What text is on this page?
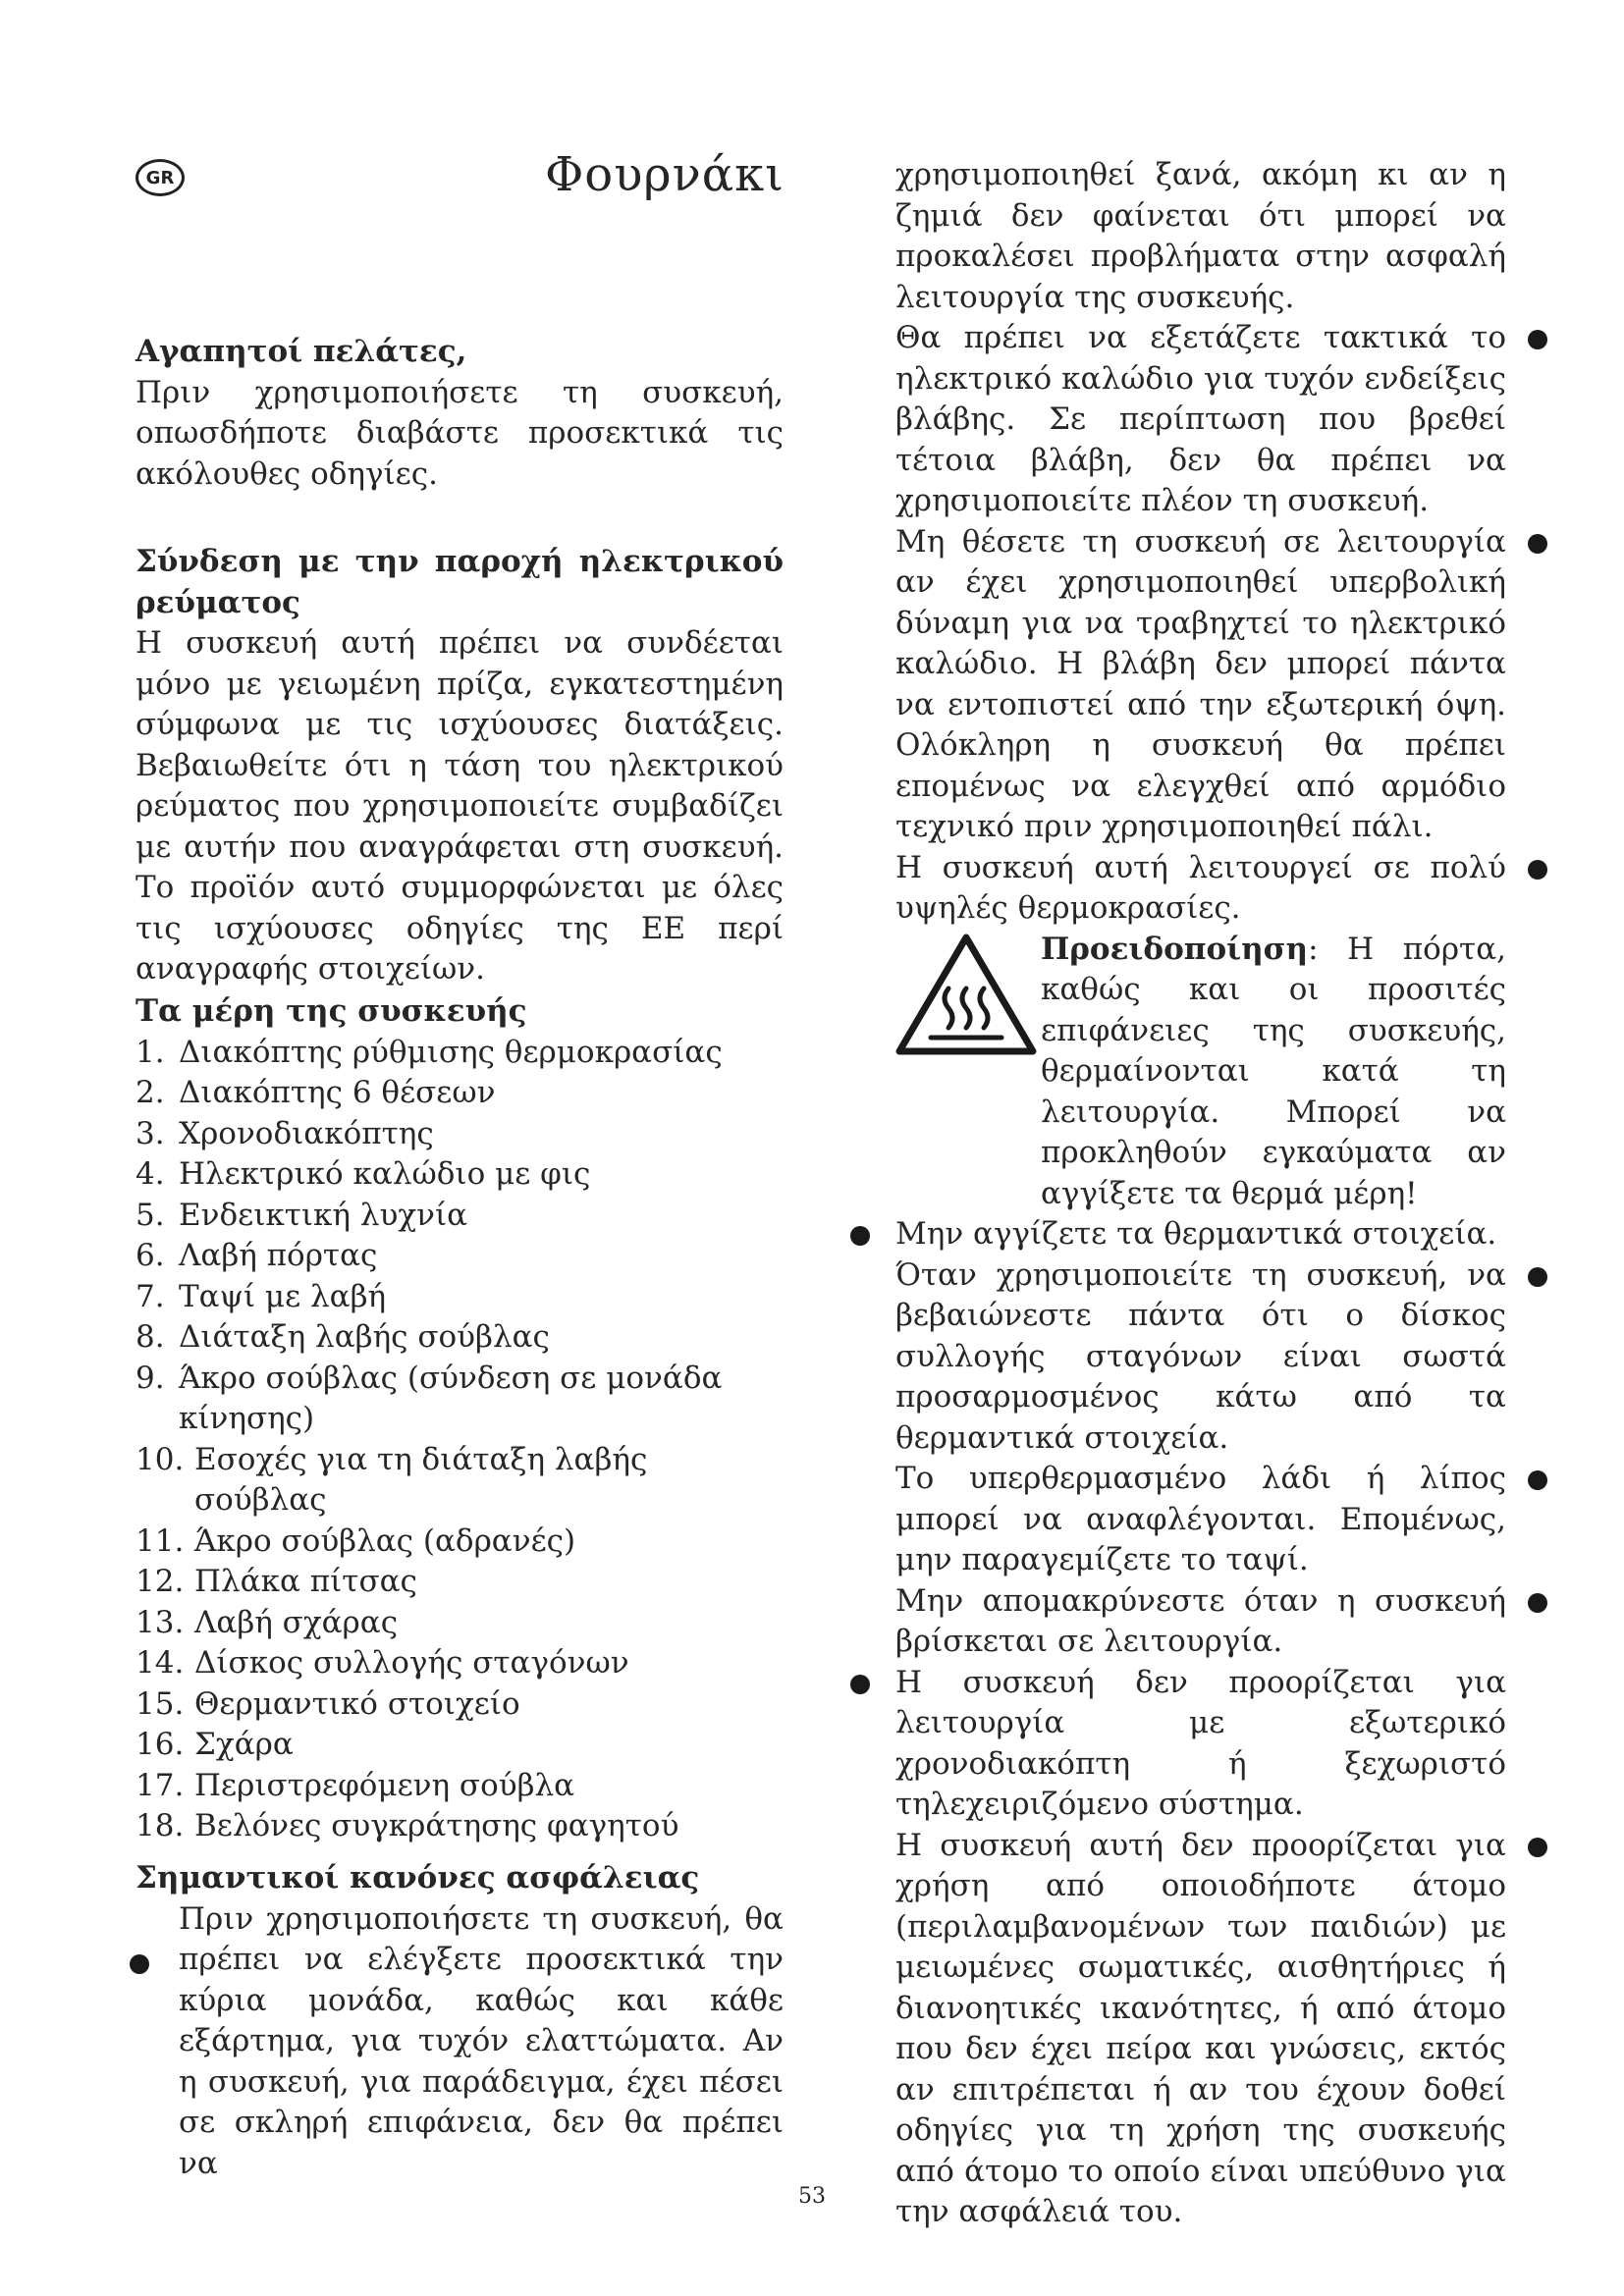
GR	Φουρνάκι

Αγαπητοί πελάτες,

Πριν χρησιμοποιήσετε τη συσκευή, οπωσδήποτε διαβάστε προσεκτικά τις ακόλουθες οδηγίες.

Σύνδεση με την παροχή ηλεκτρικού ρεύματος

Η συσκευή αυτή πρέπει να συνδέεται μόνο με γειωμένη πρίζα, εγκατεστημένη σύμφωνα με τις ισχύουσες διατάξεις. Βεβαιωθείτε ότι η τάση του ηλεκτρικού ρεύματος που χρησιμοποιείτε συμβαδίζει με αυτήν που αναγράφεται στη συσκευή. Το προϊόν αυτό συμμορφώνεται με όλες τις ισχύουσες οδηγίες της ΕΕ περί αναγραφής στοιχείων.

Τα μέρη της συσκευής

1. Διακόπτης ρύθμισης θερμοκρασίας
2. Διακόπτης 6 θέσεων
3. Χρονοδιακόπτης
4. Ηλεκτρικό καλώδιο με φις
5. Ενδεικτική λυχνία
6. Λαβή πόρτας
7. Ταψί με λαβή
8. Διάταξη λαβής σούβλας
9. Άκρο σούβλας (σύνδεση σε μονάδα κίνησης)
10. Εσοχές για τη διάταξη λαβής σούβλας
11. Άκρο σούβλας (αδρανές)
12. Πλάκα πίτσας
13. Λαβή σχάρας
14. Δίσκος συλλογής σταγόνων
15. Θερμαντικό στοιχείο
16. Σχάρα
17. Περιστρεφόμενη σούβλα
18. Βελόνες συγκράτησης φαγητού

Σημαντικοί κανόνες ασφάλειας

Πριν χρησιμοποιήσετε τη συσκευή, θα πρέπει να ελέγξετε προσεκτικά την κύρια μονάδα, καθώς και κάθε εξάρτημα, για τυχόν ελαττώματα. Αν η συσκευή, για παράδειγμα, έχει πέσει σε σκληρή επιφάνεια, δεν θα πρέπει να

χρησιμοποιηθεί ξανά, ακόμη κι αν η ζημιά δεν φαίνεται ότι μπορεί να προκαλέσει προβλήματα στην ασφαλή λειτουργία της συσκευής.

Θα πρέπει να εξετάζετε τακτικά το ηλεκτρικό καλώδιο για τυχόν ενδείξεις βλάβης. Σε περίπτωση που βρεθεί τέτοια βλάβη, δεν θα πρέπει να χρησιμοποιείτε πλέον τη συσκευή.

Μη θέσετε τη συσκευή σε λειτουργία αν έχει χρησιμοποιηθεί υπερβολική δύναμη για να τραβηχτεί το ηλεκτρικό καλώδιο. Η βλάβη δεν μπορεί πάντα να εντοπιστεί από την εξωτερική όψη. Ολόκληρη η συσκευή θα πρέπει επομένως να ελεγχθεί από αρμόδιο τεχνικό πριν χρησιμοποιηθεί πάλι.

Η συσκευή αυτή λειτουργεί σε πολύ υψηλές θερμοκρασίες.

Προειδοποίηση: Η πόρτα, καθώς και οι προσιτές επιφάνειες της συσκευής, θερμαίνονται κατά τη λειτουργία. Μπορεί να προκληθούν εγκαύματα αν αγγίξετε τα θερμά μέρη!

Μην αγγίζετε τα θερμαντικά στοιχεία.

Όταν χρησιμοποιείτε τη συσκευή, να βεβαιώνεστε πάντα ότι ο δίσκος συλλογής σταγόνων είναι σωστά προσαρμοσμένος κάτω από τα θερμαντικά στοιχεία.

Το υπερθερμασμένο λάδι ή λίπος μπορεί να αναφλέγονται. Επομένως, μην παραγεμίζετε το ταψί.

Μην απομακρύνεστε όταν η συσκευή βρίσκεται σε λειτουργία.

Η συσκευή δεν προορίζεται για λειτουργία με εξωτερικό χρονοδιακόπτη ή ξεχωριστό τηλεχειριζόμενο σύστημα.

Η συσκευή αυτή δεν προορίζεται για χρήση από οποιοδήποτε άτομο (περιλαμβανομένων των παιδιών) με μειωμένες σωματικές, αισθητήριες ή διανοητικές ικανότητες, ή από άτομο που δεν έχει πείρα και γνώσεις, εκτός αν επιτρέπεται ή αν του έχουν δοθεί οδηγίες για τη χρήση της συσκευής από άτομο το οποίο είναι υπεύθυνο για την ασφάλειά του.

53
